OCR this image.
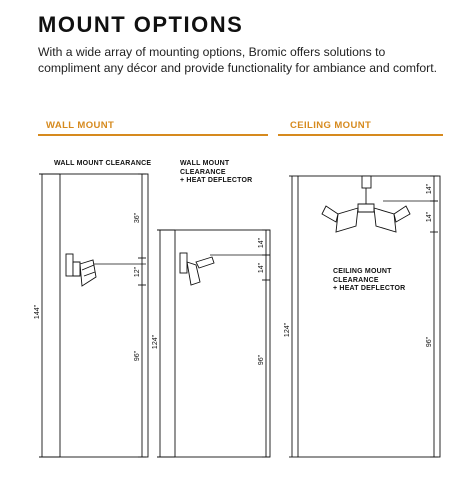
MOUNT OPTIONS
With a wide array of mounting options, Bromic offers solutions to compliment any décor and provide functionality for ambiance and comfort.
WALL MOUNT	CEILING MOUNT
WALL MOUNT CLEARANCE	WALL MOUNT
CLEARANCE
+ HEAT DEFLECTOR
CEILING MOUNT
CLEARANCE
+ HEAT DEFLECTOR
144"
36"
12"
96"
124"
14"
14"
96"
124"
14"
14"
96"
